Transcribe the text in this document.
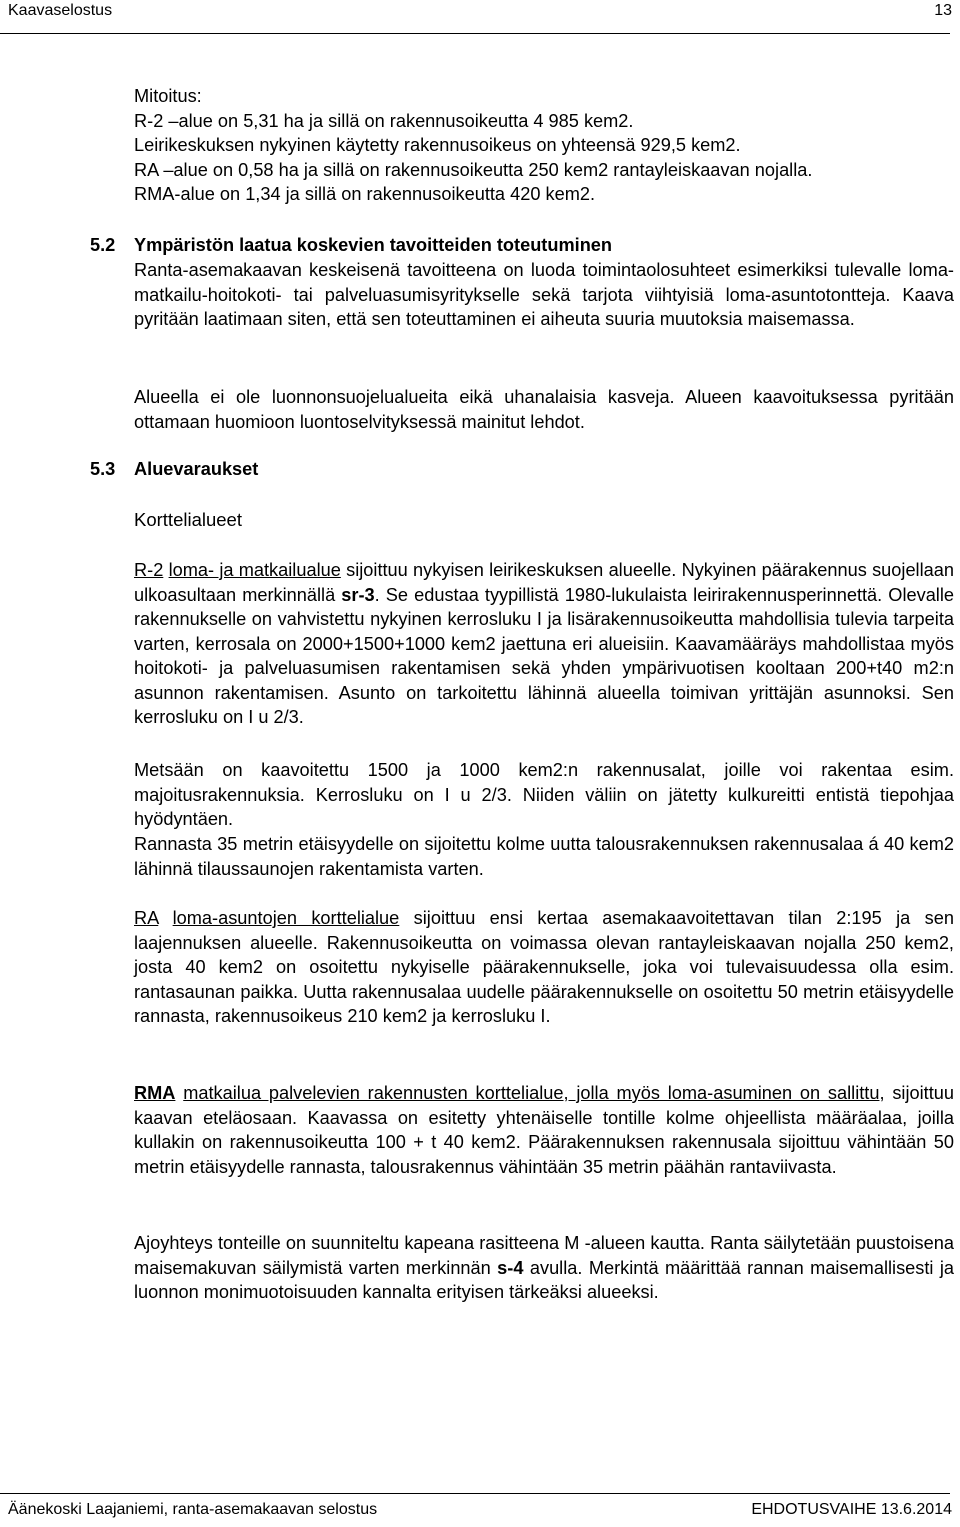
Kaavaselostus	13
Mitoitus:
R-2 –alue on 5,31 ha ja sillä on rakennusoikeutta 4 985 kem2.
Leirikeskuksen nykyinen käytetty rakennusoikeus on yhteensä 929,5 kem2.
RA –alue on 0,58 ha ja sillä on rakennusoikeutta 250 kem2 rantayleiskaavan nojalla.
RMA-alue on 1,34 ja sillä on rakennusoikeutta 420 kem2.
5.2 Ympäristön laatua koskevien tavoitteiden toteutuminen

Ranta-asemakaavan keskeisenä tavoitteena on luoda toimintaolosuhteet esimerkiksi tulevalle loma-matkailu-hoitokoti- tai palveluasumisyritykselle sekä tarjota viihtyisiä loma-asuntotontteja. Kaava pyritään laatimaan siten, että sen toteuttaminen ei aiheuta suuria muutoksia maisemassa.

Alueella ei ole luonnonsuojelualueita eikä uhanalaisia kasveja. Alueen kaavoituksessa pyritään ottamaan huomioon luontoselvityksessä mainitut lehdot.

5.3 Aluevaraukset
Korttelialueet

R-2 loma- ja matkailualue sijoittuu nykyisen leirikeskuksen alueelle. Nykyinen päärakennus suojellaan ulkoasultaan merkinnällä sr-3. Se edustaa tyypillistä 1980-lukulaista leirirakennusperinnettä. Olevalle rakennukselle on vahvistettu nykyinen kerrosluku I ja lisärakennusoikeutta mahdollisia tulevia tarpeita varten, kerrosala on 2000+1500+1000 kem2 jaettuna eri alueisiin. Kaavamääräys mahdollistaa myös hoitokoti- ja palveluasumisen rakentamisen sekä yhden ympärivuotisen kooltaan 200+t40 m2:n asunnon rakentamisen. Asunto on tarkoitettu lähinnä alueella toimivan yrittäjän asunnoksi. Sen kerrosluku on I u 2/3.

Metsään on kaavoitettu 1500 ja 1000 kem2:n rakennusalat, joille voi rakentaa esim. majoitusrakennuksia. Kerrosluku on I u 2/3. Niiden väliin on jätetty kulkureitti entistä tiepohjaa hyödyntäen.

Rannasta 35 metrin etäisyydelle on sijoitettu kolme uutta talousrakennuksen rakennusalaa á 40 kem2 lähinnä tilaussaunojen rakentamista varten.

RA loma-asuntojen korttelialue sijoittuu ensi kertaa asemakaavoitettavan tilan 2:195 ja sen laajennuksen alueelle. Rakennusoikeutta on voimassa olevan rantayleiskaavan nojalla 250 kem2, josta 40 kem2 on osoitettu nykyiselle päärakennukselle, joka voi tulevaisuudessa olla esim. rantasaunan paikka. Uutta rakennusalaa uudelle päärakennukselle on osoitettu 50 metrin etäisyydelle rannasta, rakennusoikeus 210 kem2 ja kerrosluku I.

RMA matkailua palvelevien rakennusten korttelialue, jolla myös loma-asuminen on sallittu, sijoittuu kaavan eteläosaan. Kaavassa on esitetty yhtenäiselle tontille kolme ohjeellista määräalaa, joilla kullakin on rakennusoikeutta 100 + t 40 kem2. Päärakennuksen rakennusala sijoittuu vähintään 50 metrin etäisyydelle rannasta, talousrakennus vähintään 35 metrin päähän rantaviivasta.

Ajoyhteys tonteille on suunniteltu kapeana rasitteena M -alueen kautta. Ranta säilytetään puustoisena maisemakuvan säilymistä varten merkinnän s-4 avulla. Merkintä määrittää rannan maisemallisesti ja luonnon monimuotoisuuden kannalta erityisen tärkeäksi alueeksi.

Äänekoski Laajaniemi, ranta-asemakaavan selostus	EHDOTUSVAIHE 13.6.2014
